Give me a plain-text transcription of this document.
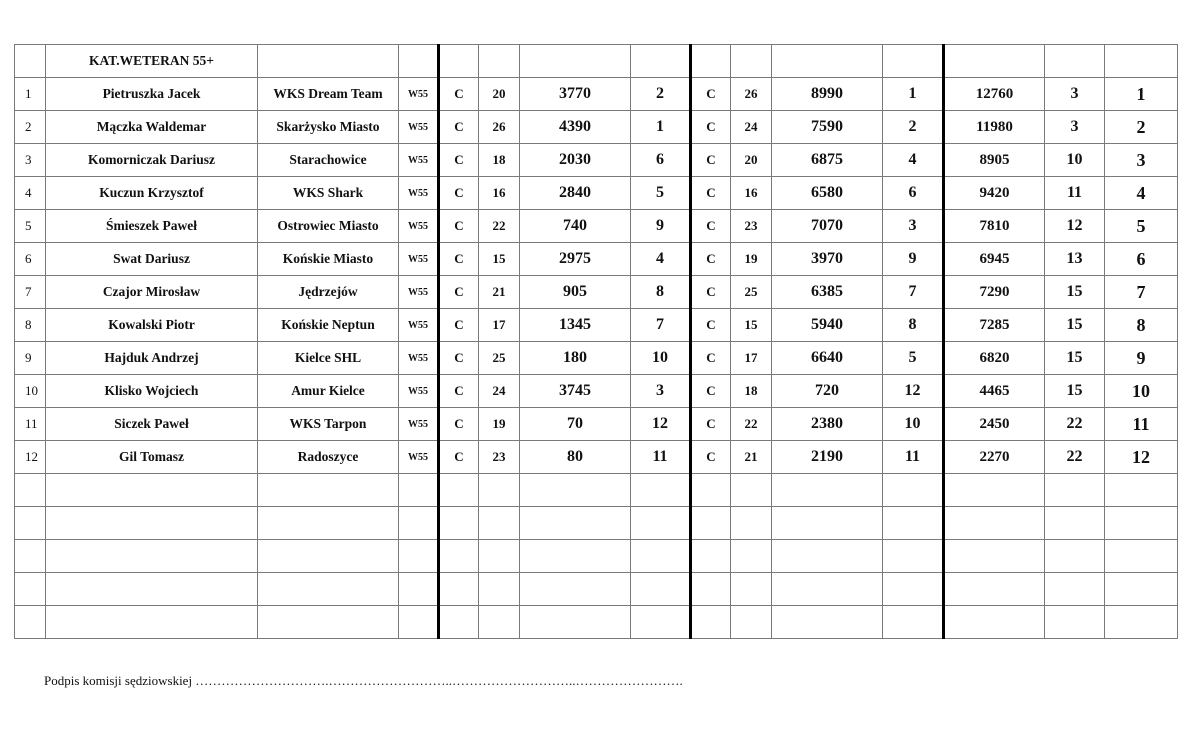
	KAT.WETERAN 55+													
1	Pietruszka Jacek	WKS Dream Team	W55	C	20	3770	2	C	26	8990	1	12760	3	1
2	Mączka Waldemar	Skarżysko Miasto	W55	C	26	4390	1	C	24	7590	2	11980	3	2
3	Komorniczak Dariusz	Starachowice	W55	C	18	2030	6	C	20	6875	4	8905	10	3
4	Kuczun Krzysztof	WKS Shark	W55	C	16	2840	5	C	16	6580	6	9420	11	4
5	Śmieszek Paweł	Ostrowiec Miasto	W55	C	22	740	9	C	23	7070	3	7810	12	5
6	Swat Dariusz	Końskie Miasto	W55	C	15	2975	4	C	19	3970	9	6945	13	6
7	Czajor Mirosław	Jędrzejów	W55	C	21	905	8	C	25	6385	7	7290	15	7
8	Kowalski Piotr	Końskie Neptun	W55	C	17	1345	7	C	15	5940	8	7285	15	8
9	Hajduk Andrzej	Kielce SHL	W55	C	25	180	10	C	17	6640	5	6820	15	9
10	Klisko Wojciech	Amur Kielce	W55	C	24	3745	3	C	18	720	12	4465	15	10
11	Siczek Paweł	WKS Tarpon	W55	C	19	70	12	C	22	2380	10	2450	22	11
12	Gil Tomasz	Radoszyce	W55	C	23	80	11	C	21	2190	11	2270	22	12

Podpis komisji sędziowskiej ………………………….………………………..………………………..…………………….
